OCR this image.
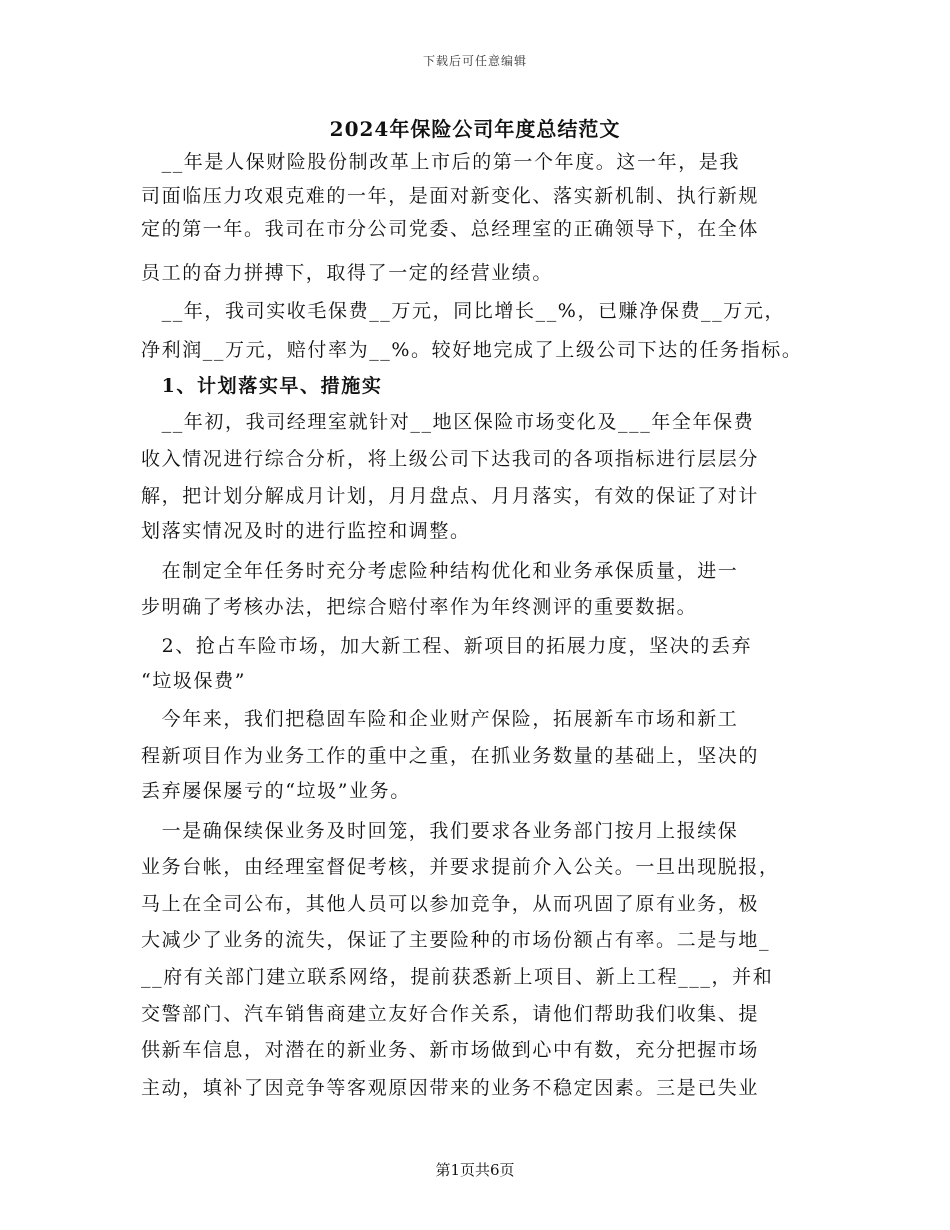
下载后可任意编辑
2024年保险公司年度总结范文
　__年是人保财险股份制改革上市后的第一个年度。这一年，是我
司面临压力攻艰克难的一年，是面对新变化、落实新机制、执行新规
定的第一年。我司在市分公司党委、总经理室的正确领导下，在全体
员工的奋力拼搏下，取得了一定的经营业绩。
　__年，我司实收毛保费__万元，同比增长__%，已赚净保费__万元，
净利润__万元，赔付率为__%。较好地完成了上级公司下达的任务指标。
　1、计划落实早、措施实
　__年初，我司经理室就针对__地区保险市场变化及___年全年保费
收入情况进行综合分析，将上级公司下达我司的各项指标进行层层分
解，把计划分解成月计划，月月盘点、月月落实，有效的保证了对计
划落实情况及时的进行监控和调整。
　在制定全年任务时充分考虑险种结构优化和业务承保质量，进一
步明确了考核办法，把综合赔付率作为年终测评的重要数据。
　2、抢占车险市场，加大新工程、新项目的拓展力度，坚决的丢弃
“垃圾保费”
　今年来，我们把稳固车险和企业财产保险，拓展新车市场和新工
程新项目作为业务工作的重中之重，在抓业务数量的基础上，坚决的
丢弃屡保屡亏的“垃圾”业务。
　一是确保续保业务及时回笼，我们要求各业务部门按月上报续保
业务台帐，由经理室督促考核，并要求提前介入公关。一旦出现脱报，
马上在全司公布，其他人员可以参加竞争，从而巩固了原有业务，极
大减少了业务的流失，保证了主要险种的市场份额占有率。二是与地_
__府有关部门建立联系网络，提前获悉新上项目、新上工程___，并和
交警部门、汽车销售商建立友好合作关系，请他们帮助我们收集、提
供新车信息，对潜在的新业务、新市场做到心中有数，充分把握市场
主动，填补了因竞争等客观原因带来的业务不稳定因素。三是已失业
第1页共6页
